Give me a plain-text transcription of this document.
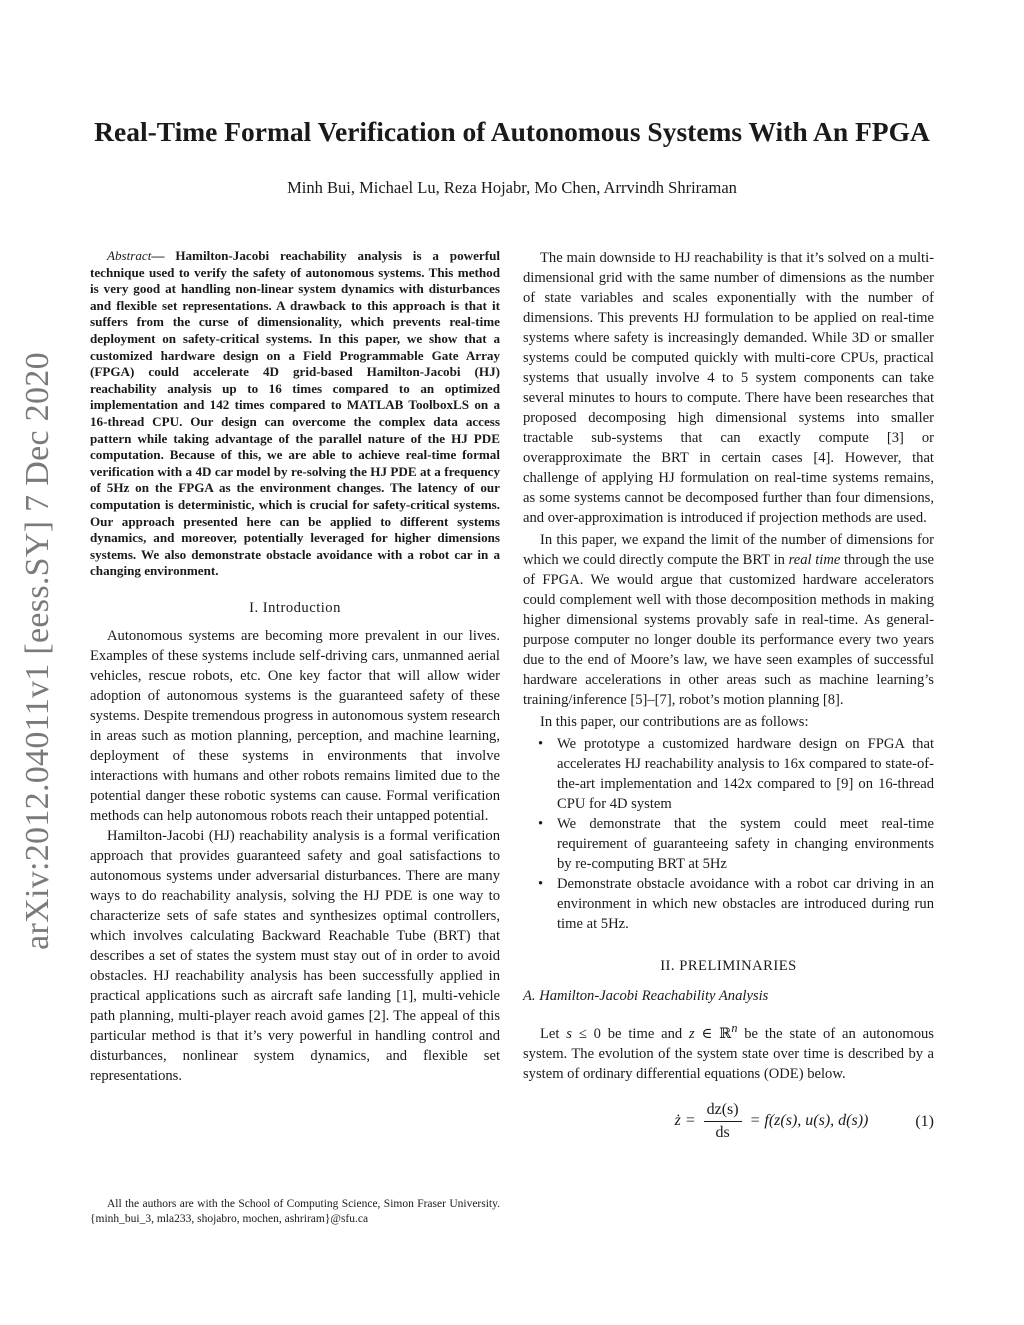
Real-Time Formal Verification of Autonomous Systems With An FPGA
Minh Bui, Michael Lu, Reza Hojabr, Mo Chen, Arrvindh Shriraman
arXiv:2012.04011v1 [eess.SY] 7 Dec 2020

Abstract— Hamilton-Jacobi reachability analysis is a powerful technique used to verify the safety of autonomous systems. This method is very good at handling non-linear system dynamics with disturbances and flexible set representations. A drawback to this approach is that it suffers from the curse of dimensionality, which prevents real-time deployment on safety-critical systems. In this paper, we show that a customized hardware design on a Field Programmable Gate Array (FPGA) could accelerate 4D grid-based Hamilton-Jacobi (HJ) reachability analysis up to 16 times compared to an optimized implementation and 142 times compared to MATLAB ToolboxLS on a 16-thread CPU. Our design can overcome the complex data access pattern while taking advantage of the parallel nature of the HJ PDE computation. Because of this, we are able to achieve real-time formal verification with a 4D car model by re-solving the HJ PDE at a frequency of 5Hz on the FPGA as the environment changes. The latency of our computation is deterministic, which is crucial for safety-critical systems. Our approach presented here can be applied to different systems dynamics, and moreover, potentially leveraged for higher dimensions systems. We also demonstrate obstacle avoidance with a robot car in a changing environment.

I. Introduction

Autonomous systems are becoming more prevalent in our lives. Examples of these systems include self-driving cars, unmanned aerial vehicles, rescue robots, etc. One key factor that will allow wider adoption of autonomous systems is the guaranteed safety of these systems. Despite tremendous progress in autonomous system research in areas such as motion planning, perception, and machine learning, deployment of these systems in environments that involve interactions with humans and other robots remains limited due to the potential danger these robotic systems can cause. Formal verification methods can help autonomous robots reach their untapped potential.

Hamilton-Jacobi (HJ) reachability analysis is a formal verification approach that provides guaranteed safety and goal satisfactions to autonomous systems under adversarial disturbances. There are many ways to do reachability analysis, solving the HJ PDE is one way to characterize sets of safe states and synthesizes optimal controllers, which involves calculating Backward Reachable Tube (BRT) that describes a set of states the system must stay out of in order to avoid obstacles. HJ reachability analysis has been successfully applied in practical applications such as aircraft safe landing [1], multi-vehicle path planning, multi-player reach avoid games [2]. The appeal of this particular method is that it’s very powerful in handling control and disturbances, nonlinear system dynamics, and flexible set representations.

All the authors are with the School of Computing Science, Simon Fraser University. {minh_bui_3, mla233, shojabro, mochen, ashriram}@sfu.ca

The main downside to HJ reachability is that it’s solved on a multi-dimensional grid with the same number of dimensions as the number of state variables and scales exponentially with the number of dimensions. This prevents HJ formulation to be applied on real-time systems where safety is increasingly demanded. While 3D or smaller systems could be computed quickly with multi-core CPUs, practical systems that usually involve 4 to 5 system components can take several minutes to hours to compute. There have been researches that proposed decomposing high dimensional systems into smaller tractable sub-systems that can exactly compute [3] or overapproximate the BRT in certain cases [4]. However, that challenge of applying HJ formulation on real-time systems remains, as some systems cannot be decomposed further than four dimensions, and over-approximation is introduced if projection methods are used.

In this paper, we expand the limit of the number of dimensions for which we could directly compute the BRT in real time through the use of FPGA. We would argue that customized hardware accelerators could complement well with those decomposition methods in making higher dimensional systems provably safe in real-time. As general-purpose computer no longer double its performance every two years due to the end of Moore’s law, we have seen examples of successful hardware accelerations in other areas such as machine learning’s training/inference [5]–[7], robot’s motion planning [8].

In this paper, our contributions are as follows:

• We prototype a customized hardware design on FPGA that accelerates HJ reachability analysis to 16x compared to state-of-the-art implementation and 142x compared to [9] on 16-thread CPU for 4D system
• We demonstrate that the system could meet real-time requirement of guaranteeing safety in changing environments by re-computing BRT at 5Hz
• Demonstrate obstacle avoidance with a robot car driving in an environment in which new obstacles are introduced during run time at 5Hz.
II. PRELIMINARIES
A. Hamilton-Jacobi Reachability Analysis

Let s ≤ 0 be time and z ∈ ℝ$^n$ be the state of an autonomous system. The evolution of the system state over time is described by a system of ordinary differential equations (ODE) below.

ż = $\frac{dz(s)}{ds} = f(z(s)$, u(s), d(s))	(1)
